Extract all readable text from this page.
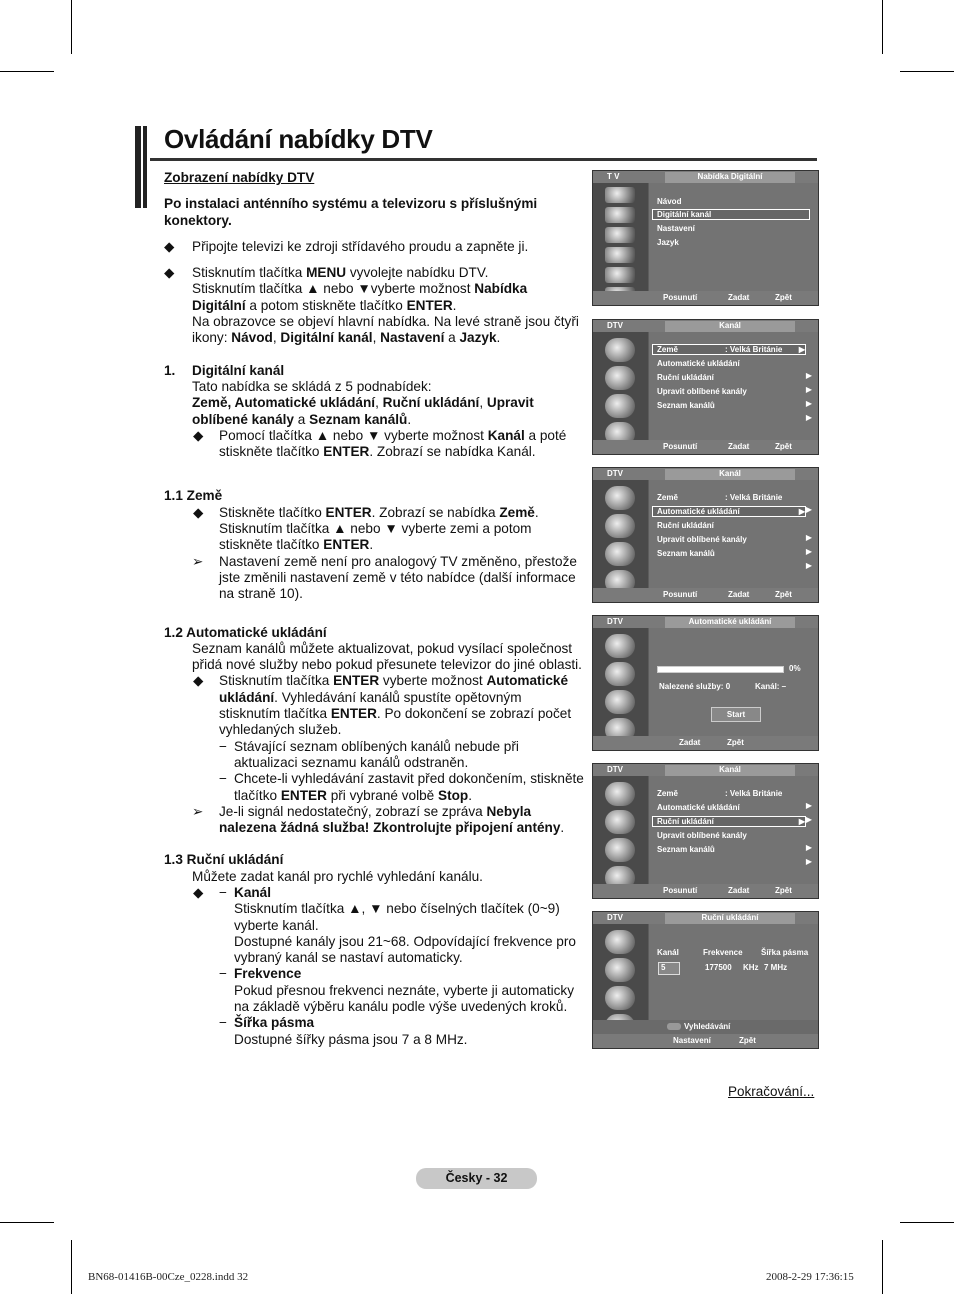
Ovládání nabídky DTV

Zobrazení nabídky DTV

Po instalaci anténního systému a televizoru s příslušnými konektory.

◆ Připojte televizi ke zdroji střídavého proudu a zapněte ji.

◆ Stisknutím tlačítka MENU vyvolejte nabídku DTV.
Stisknutím tlačítka ▲ nebo ▼vyberte možnost Nabídka Digitální a potom stiskněte tlačítko ENTER.
Na obrazovce se objeví hlavní nabídka. Na levé straně jsou čtyři ikony: Návod, Digitální kanál, Nastavení a Jazyk.

1. Digitální kanál

Tato nabídka se skládá z 5 podnabídek:

Země, Automatické ukládání, Ruční ukládání, Upravit oblíbené kanály a Seznam kanálů.

◆ Pomocí tlačítka ▲ nebo ▼ vyberte možnost Kanál a poté stiskněte tlačítko ENTER. Zobrazí se nabídka Kanál.

1.1 Země

◆ Stiskněte tlačítko ENTER. Zobrazí se nabídka Země.
Stisknutím tlačítka ▲ nebo ▼ vyberte zemi a potom stiskněte tlačítko ENTER.

➢ Nastavení země není pro analogový TV změněno, přestože jste změnili nastavení země v této nabídce (další informace na straně 10).

1.2 Automatické ukládání

Seznam kanálů můžete aktualizovat, pokud vysílací společnost přidá nové služby nebo pokud přesunete televizor do jiné oblasti.

◆ Stisknutím tlačítka ENTER vyberte možnost Automatické ukládání. Vyhledávání kanálů spustíte opětovným stisknutím tlačítka ENTER. Po dokončení se zobrazí počet vyhledaných služeb.

− Stávající seznam oblíbených kanálů nebude při aktualizaci seznamu kanálů odstraněn.

− Chcete-li vyhledávání zastavit před dokončením, stiskněte tlačítko ENTER při vybrané volbě Stop.

➢ Je-li signál nedostatečný, zobrazí se zpráva Nebyla nalezena žádná služba! Zkontrolujte připojení antény.

1.3 Ruční ukládání

Můžete zadat kanál pro rychlé vyhledání kanálu.

◆ − Kanál
Stisknutím tlačítka ▲, ▼ nebo číselných tlačítek (0~9) vyberte kanál.
Dostupné kanály jsou 21~68. Odpovídající frekvence pro vybraný kanál se nastaví automaticky.

− Frekvence
Pokud přesnou frekvenci neznáte, vyberte ji automaticky na základě výběru kanálu podle výše uvedených kroků.

− Šířka pásma
Dostupné šířky pásma jsou 7 a 8 MHz.

T V	Nabídka Digitální
Návod
Digitální kanál
Nastavení
Jazyk
Posunutí	Zadat	Zpět
DTV	Kanál
Země	: Velká Británie ▶
Automatické ukládání
▶
Ruční ukládání
▶
Upravit oblíbené kanály
▶
Seznam kanálů
▶
Posunutí	Zadat	Zpět
DTV	Kanál
Země	: Velká Británie
▶
Automatické ukládání	▶
Ruční ukládání
▶
Upravit oblíbené kanály
▶
Seznam kanálů
▶
Posunutí	Zadat	Zpět
DTV	Automatické ukládání
0%
Nalezené služby: 0	Kanál: –
Start
Zadat	Zpět
DTV	Kanál
Země	: Velká Británie
▶
Automatické ukládání
▶
Ruční ukládání	▶
Upravit oblíbené kanály
▶
Seznam kanálů
▶
Posunutí	Zadat	Zpět
DTV	Ruční ukládání
Kanál	Frekvence Šířka pásma
5	177500 KHz 7 MHz
Vyhledávání
Nastavení	Zpět
Pokračování...
Česky - 32
BN68-01416B-00Cze_0228.indd 32	2008-2-29 17:36:15
